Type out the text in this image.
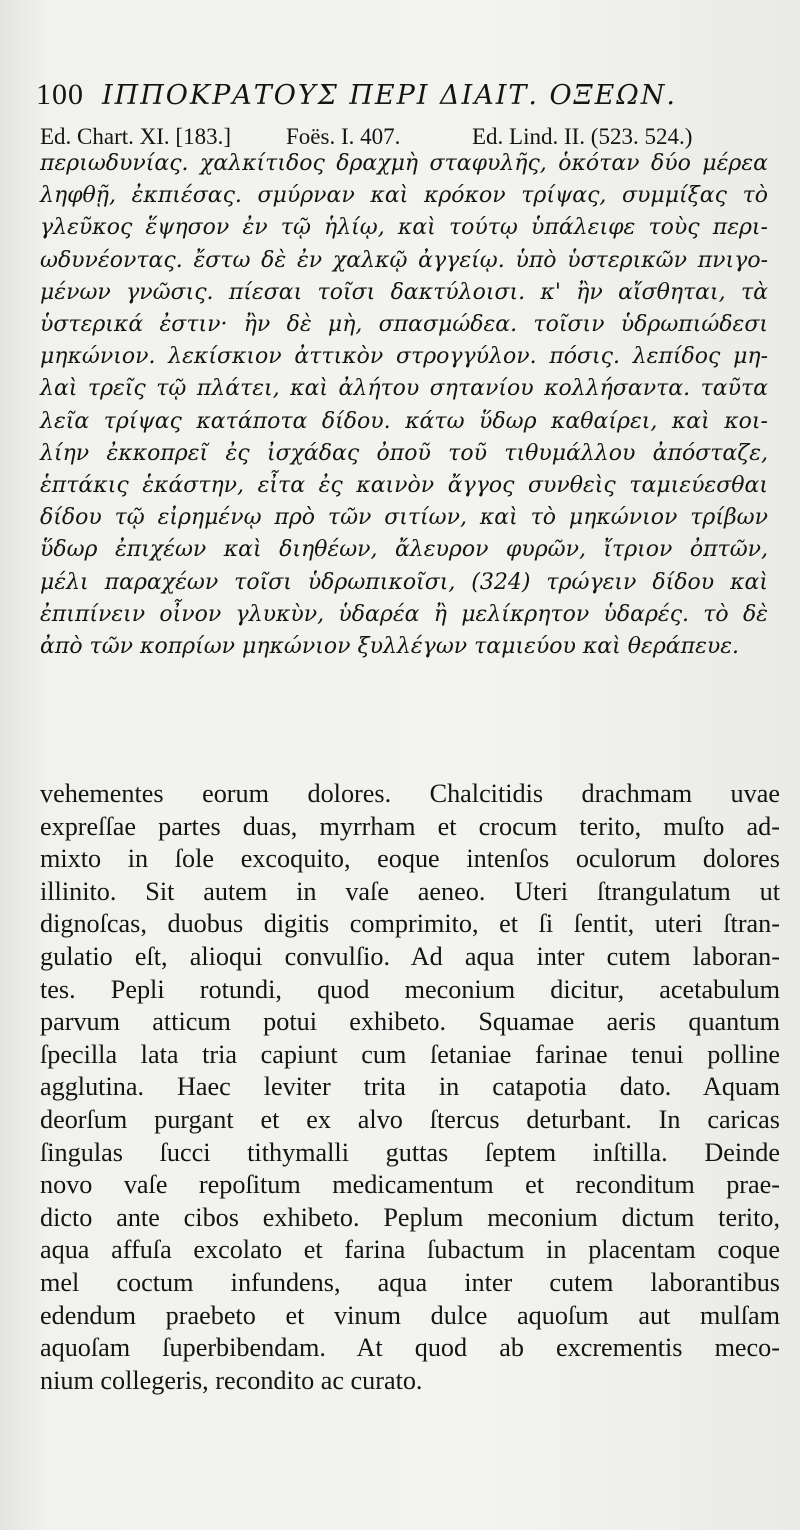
100 ΙΠΠΟΚΡΑΤΟΥΣ ΠΕΡΙ ΔΙΑΙΤ. ΟΞΕΩΝ.
Ed. Chart. XI. [183.] Foës. I. 407.	Ed. Lind. II. (523. 524.)
περιωδυνίας. χαλκίτιδος δραχμὴ σταφυλῆς, ὁκόταν δύο μέρεα
ληφθῇ, ἐκπιέσας. σμύρναν καὶ κρόκον τρίψας, συμμίξας τὸ
γλεῦκος ἕψησον ἐν τῷ ἡλίῳ, καὶ τούτῳ ὑπάλειφε τοὺς περι-
ωδυνέοντας. ἔστω δὲ ἐν χαλκῷ ἀγγείῳ. ὑπὸ ὑστερικῶν πνιγο-
μένων γνῶσις. πίεσαι τοῖσι δακτύλοισι. κ' ἢν αἴσθηται, τὰ
ὑστερικά ἐστιν· ἢν δὲ μὴ, σπασμώδεα. τοῖσιν ὑδρωπιώδεσι
μηκώνιον. λεκίσκιον ἀττικὸν στρογγύλον. πόσις. λεπίδος μη-
λαὶ τρεῖς τῷ πλάτει, καὶ ἀλήτου σητανίου κολλήσαντα. ταῦτα
λεῖα τρίψας κατάποτα δίδου. κάτω ὕδωρ καθαίρει, καὶ κοι-
λίην ἐκκοπρεῖ ἐς ἰσχάδας ὀποῦ τοῦ τιθυμάλλου ἀπόσταζε,
ἑπτάκις ἑκάστην, εἶτα ἐς καινὸν ἄγγος συνθεὶς ταμιεύεσθαι
δίδου τῷ εἰρημένῳ πρὸ τῶν σιτίων, καὶ τὸ μηκώνιον τρίβων
ὕδωρ ἐπιχέων καὶ διηθέων, ἄλευρον φυρῶν, ἴτριον ὀπτῶν,
μέλι παραχέων τοῖσι ὑδρωπικοῖσι, (324) τρώγειν δίδου καὶ
ἐπιπίνειν οἶνον γλυκὺν, ὑδαρέα ἢ μελίκρητον ὑδαρές. τὸ δὲ
ἀπὸ τῶν κοπρίων μηκώνιον ξυλλέγων ταμιεύου καὶ θεράπευε.
vehementes eorum dolores. Chalcitidis drachmam uvae
expreſſae partes duas, myrrham et crocum terito, muſto ad-
mixto in ſole excoquito, eoque intenſos oculorum dolores
illinito. Sit autem in vaſe aeneo. Uteri ſtrangulatum ut
dignoſcas, duobus digitis comprimito, et ſi ſentit, uteri ſtran-
gulatio eſt, alioqui convulſio. Ad aqua inter cutem laboran-
tes. Pepli rotundi, quod meconium dicitur, acetabulum
parvum atticum potui exhibeto. Squamae aeris quantum
ſpecilla lata tria capiunt cum ſetaniae farinae tenui polline
agglutina. Haec leviter trita in catapotia dato. Aquam
deorſum purgant et ex alvo ſtercus deturbant. In caricas
ſingulas ſucci tithymalli guttas ſeptem inſtilla. Deinde
novo vaſe repoſitum medicamentum et reconditum prae-
dicto ante cibos exhibeto. Peplum meconium dictum terito,
aqua affuſa excolato et farina ſubactum in placentam coque
mel coctum infundens, aqua inter cutem laborantibus
edendum praebeto et vinum dulce aquoſum aut mulſam
aquoſam ſuperbibendam. At quod ab excrementis meco-
nium collegeris, recondito ac curato.
